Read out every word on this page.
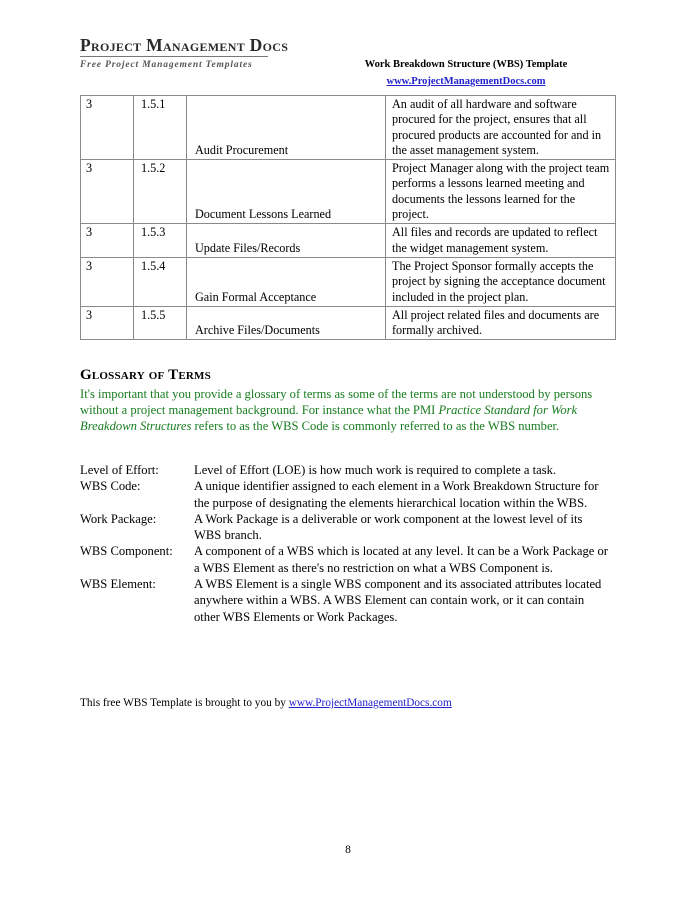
Project Management Docs
Free Project Management Templates	Work Breakdown Structure (WBS) Template
www.ProjectManagementDocs.com
3	1.5.1	Audit Procurement	An audit of all hardware and software procured for the project, ensures that all procured products are accounted for and in the asset management system.
3	1.5.2	Document Lessons Learned	Project Manager along with the project team performs a lessons learned meeting and documents the lessons learned for the project.
3	1.5.3	Update Files/Records	All files and records are updated to reflect the widget management system.
3	1.5.4	Gain Formal Acceptance	The Project Sponsor formally accepts the project by signing the acceptance document included in the project plan.
3	1.5.5	Archive Files/Documents	All project related files and documents are formally archived.
Glossary of Terms
It's important that you provide a glossary of terms as some of the terms are not understood by persons without a project management background. For instance what the PMI Practice Standard for Work Breakdown Structures refers to as the WBS Code is commonly referred to as the WBS number.
Level of Effort:	Level of Effort (LOE) is how much work is required to complete a task.
WBS Code:	A unique identifier assigned to each element in a Work Breakdown Structure for the purpose of designating the elements hierarchical location within the WBS.
Work Package:	A Work Package is a deliverable or work component at the lowest level of its WBS branch.
WBS Component:	A component of a WBS which is located at any level. It can be a Work Package or a WBS Element as there's no restriction on what a WBS Component is.
WBS Element:	A WBS Element is a single WBS component and its associated attributes located anywhere within a WBS. A WBS Element can contain work, or it can contain other WBS Elements or Work Packages.
This free WBS Template is brought to you by www.ProjectManagementDocs.com
8
